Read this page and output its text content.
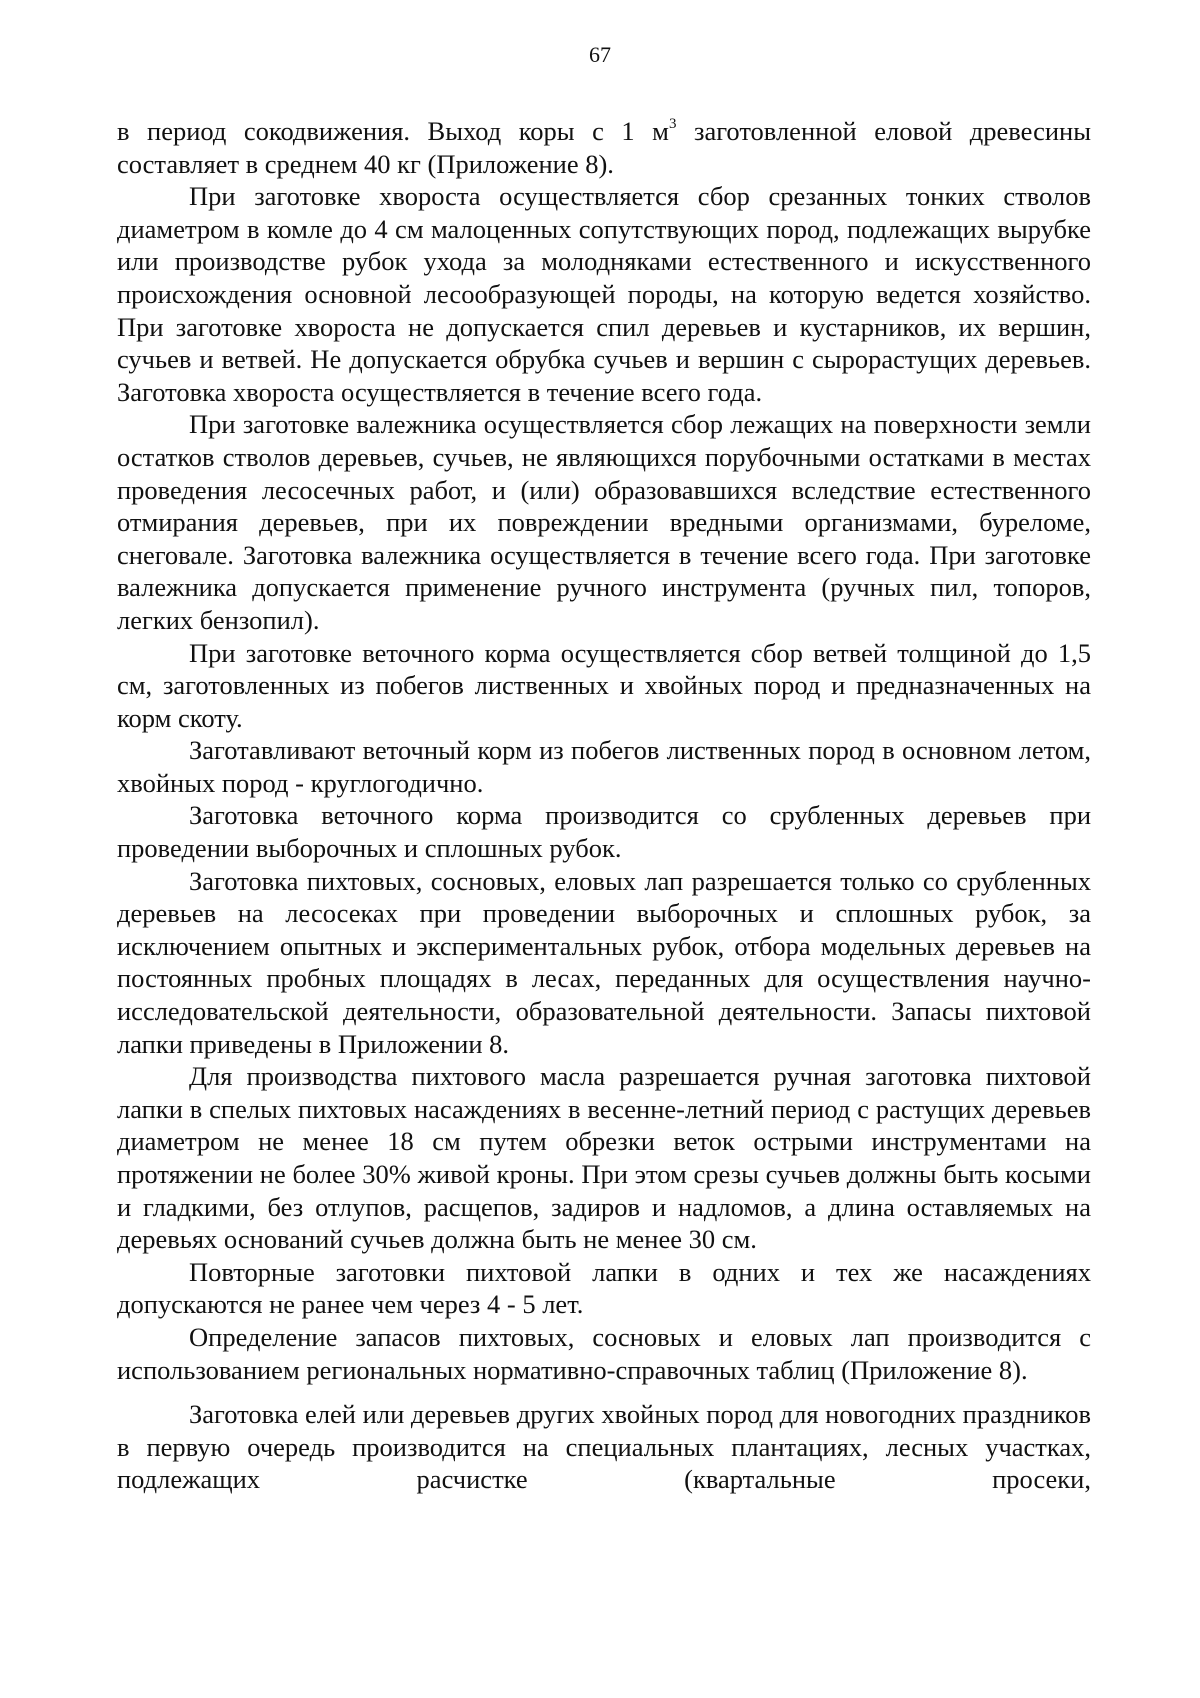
67

в период сокодвижения. Выход коры с 1 $м^3$ заготовленной еловой древесины составляет в среднем 40 кг (Приложение 8).

При заготовке хвороста осуществляется сбор срезанных тонких стволов диаметром в комле до 4 см малоценных сопутствующих пород, подлежащих вырубке или производстве рубок ухода за молодняками естественного и искусственного происхождения основной лесообразующей породы, на которую ведется хозяйство. При заготовке хвороста не допускается спил деревьев и кустарников, их вершин, сучьев и ветвей. Не допускается обрубка сучьев и вершин с сырорастущих деревьев. Заготовка хвороста осуществляется в течение всего года.

При заготовке валежника осуществляется сбор лежащих на поверхности земли остатков стволов деревьев, сучьев, не являющихся порубочными остатками в местах проведения лесосечных работ, и (или) образовавшихся вследствие естественного отмирания деревьев, при их повреждении вредными организмами, буреломе, снеговале. Заготовка валежника осуществляется в течение всего года. При заготовке валежника допускается применение ручного инструмента (ручных пил, топоров, легких бензопил).

При заготовке веточного корма осуществляется сбор ветвей толщиной до 1,5 см, заготовленных из побегов лиственных и хвойных пород и предназначенных на корм скоту.

Заготавливают веточный корм из побегов лиственных пород в основном летом, хвойных пород - круглогодично.

Заготовка веточного корма производится со срубленных деревьев при проведении выборочных и сплошных рубок.

Заготовка пихтовых, сосновых, еловых лап разрешается только со срубленных деревьев на лесосеках при проведении выборочных и сплошных рубок, за исключением опытных и экспериментальных рубок, отбора модельных деревьев на постоянных пробных площадях в лесах, переданных для осуществления научно-исследовательской деятельности, образовательной деятельности. Запасы пихтовой лапки приведены в Приложении 8.

Для производства пихтового масла разрешается ручная заготовка пихтовой лапки в спелых пихтовых насаждениях в весенне-летний период с растущих деревьев диаметром не менее 18 см путем обрезки веток острыми инструментами на протяжении не более 30% живой кроны. При этом срезы сучьев должны быть косыми и гладкими, без отлупов, расщепов, задиров и надломов, а длина оставляемых на деревьях оснований сучьев должна быть не менее 30 см.

Повторные заготовки пихтовой лапки в одних и тех же насаждениях допускаются не ранее чем через 4 - 5 лет.

Определение запасов пихтовых, сосновых и еловых лап производится с использованием региональных нормативно-справочных таблиц (Приложение 8).

Заготовка елей или деревьев других хвойных пород для новогодних праздников в первую очередь производится на специальных плантациях, лесных участках, подлежащих расчистке (квартальные просеки,
